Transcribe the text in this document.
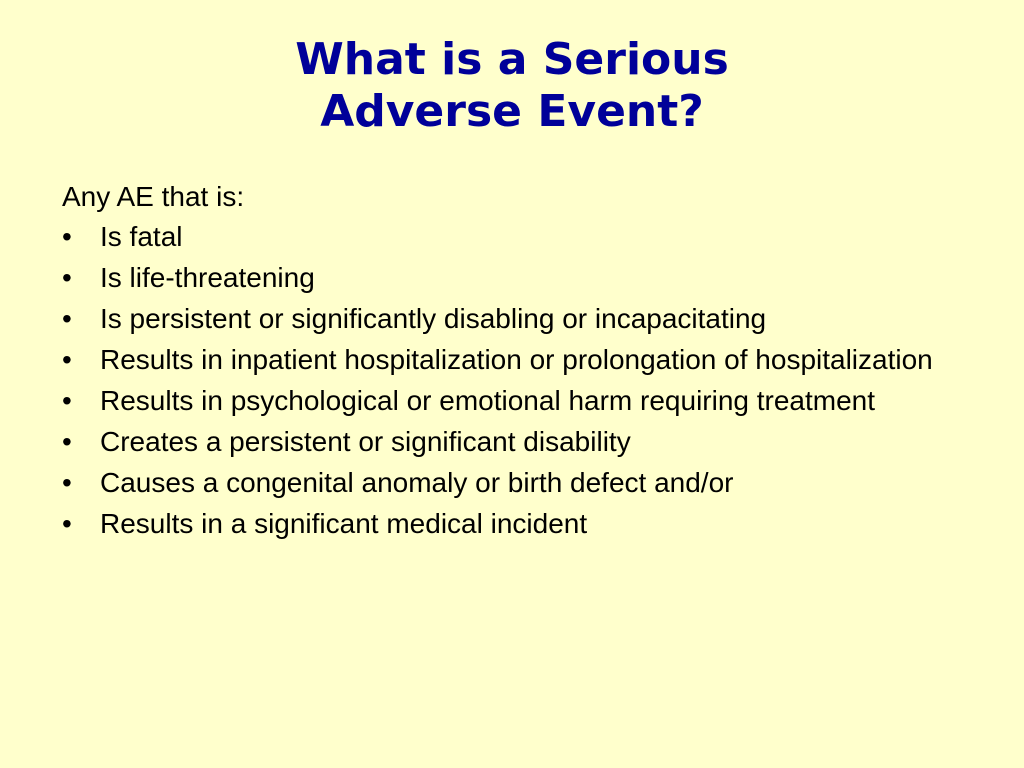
What is a Serious
Adverse Event?
Any AE that is:
•	Is fatal
•	Is life-threatening
•	Is persistent or significantly disabling or incapacitating
•	Results in inpatient hospitalization or prolongation of hospitalization
•	Results in psychological or emotional harm requiring treatment
•	Creates a persistent or significant disability
•	Causes a congenital anomaly or birth defect and/or
•	Results in a significant medical incident
